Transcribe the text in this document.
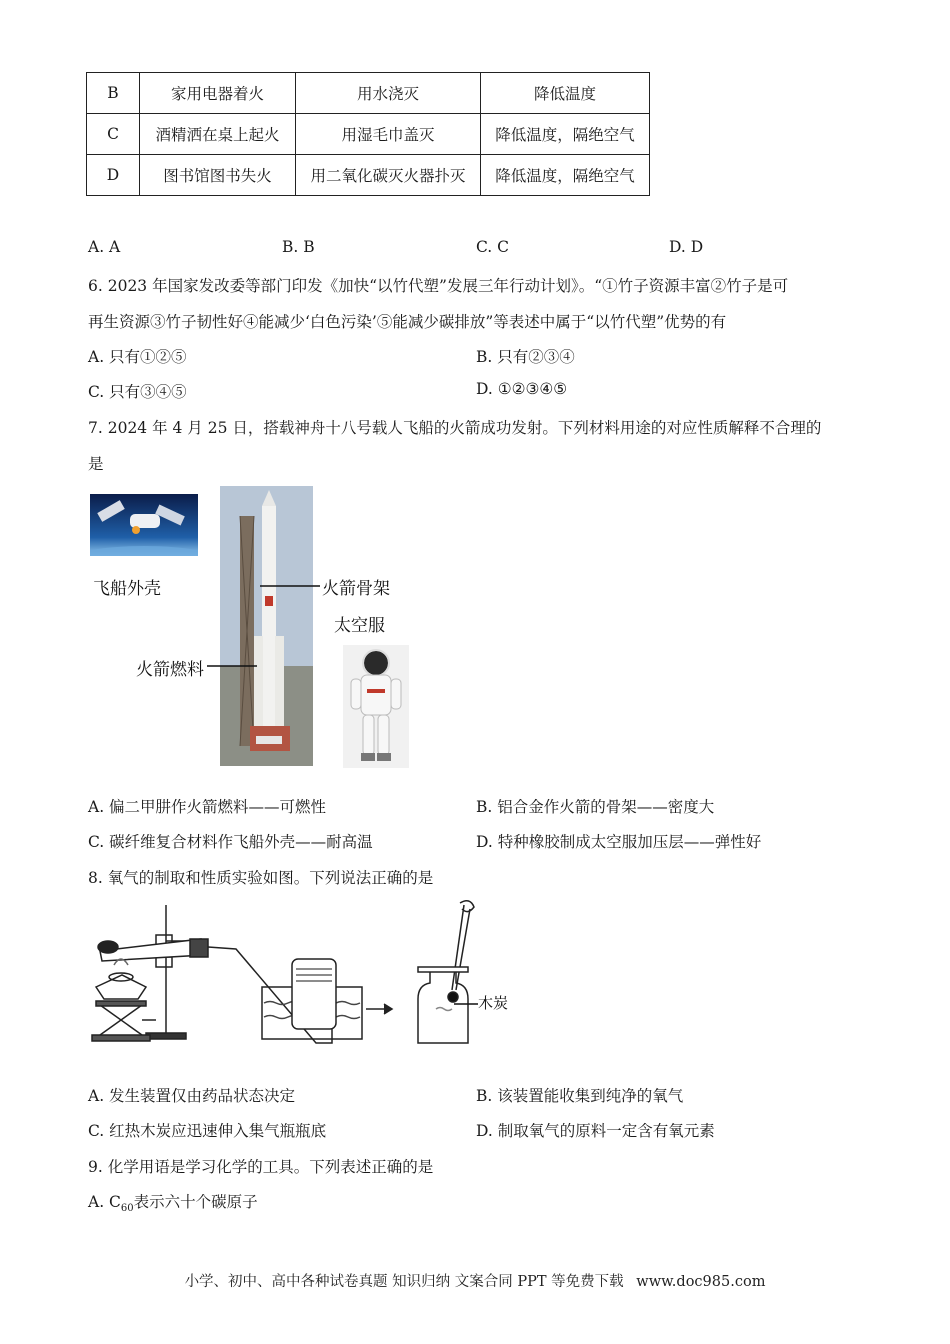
B	家用电器着火	用水浇灭	降低温度
C	酒精洒在桌上起火	用湿毛巾盖灭	降低温度，隔绝空气
D	图书馆图书失火	用二氧化碳灭火器扑灭	降低温度，隔绝空气
A. A	B. B	C. C	D. D
6. 2023 年国家发改委等部门印发《加快“以竹代塑”发展三年行动计划》。“①竹子资源丰富②竹子是可
再生资源③竹子韧性好④能减少‘白色污染’⑤能减少碳排放”等表述中属于“以竹代塑”优势的有
A. 只有①②⑤	B. 只有②③④
C. 只有③④⑤	D. ①②③④⑤
7. 2024 年 4 月 25 日，搭载神舟十八号载人飞船的火箭成功发射。下列材料用途的对应性质解释不合理的
是
飞船外壳	火箭骨架
火箭燃料
太空服
A. 偏二甲肼作火箭燃料——可燃性	B. 铝合金作火箭的骨架——密度大
C. 碳纤维复合材料作飞船外壳——耐高温	D. 特种橡胶制成太空服加压层——弹性好
8. 氧气的制取和性质实验如图。下列说法正确的是
木炭
A. 发生装置仅由药品状态决定	B. 该装置能收集到纯净的氧气
C. 红热木炭应迅速伸入集气瓶瓶底	D. 制取氧气的原料一定含有氧元素
9. 化学用语是学习化学的工具。下列表述正确的是
A. $C_{60}$表示六十个碳原子
小学、初中、高中各种试卷真题 知识归纳 文案合同 PPT 等免费下载 www.doc985.com
